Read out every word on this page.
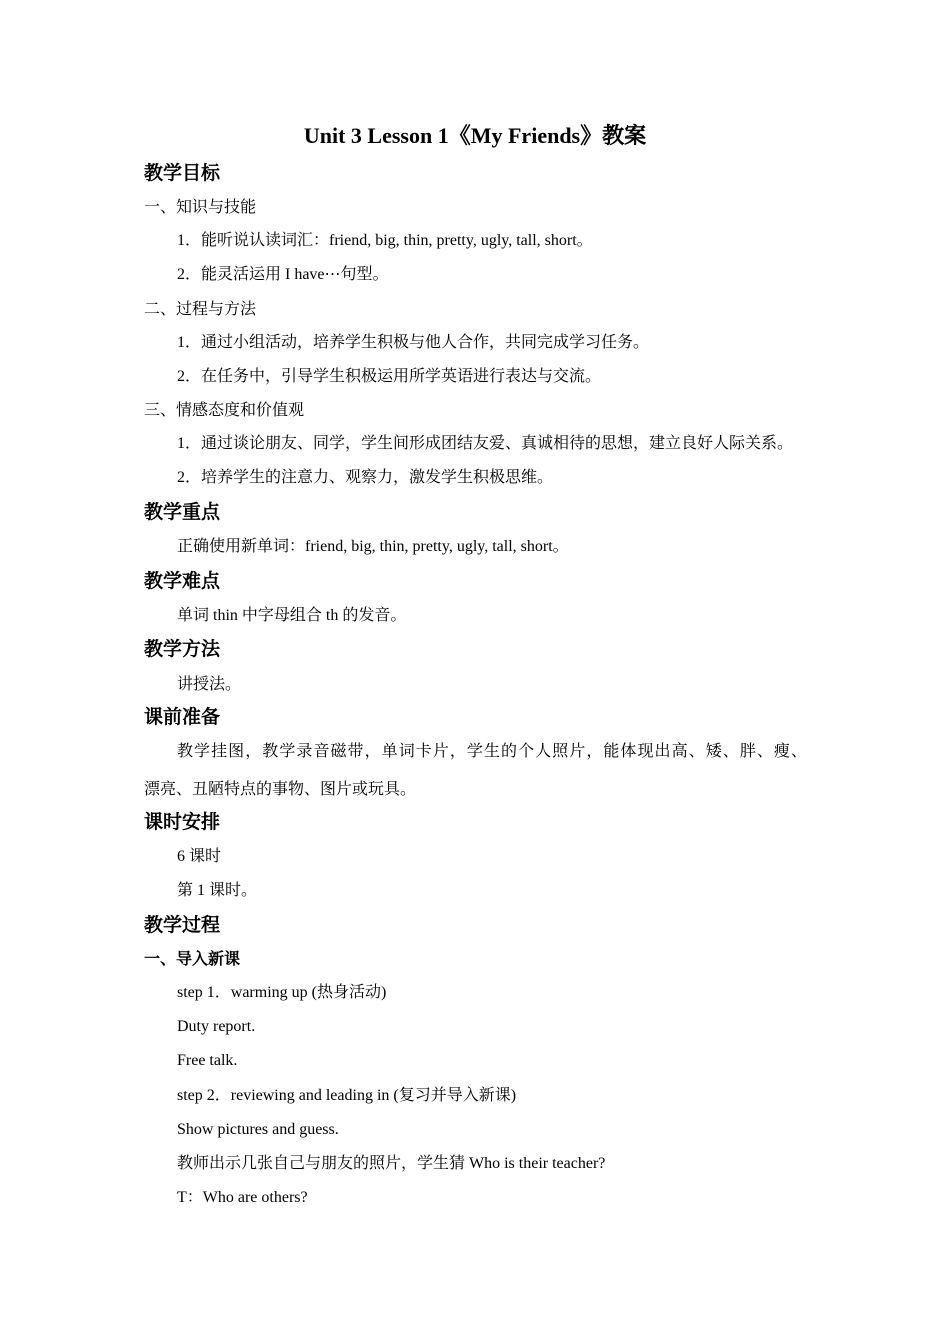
Unit 3 Lesson 1《My Friends》教案
教学目标
一、知识与技能
1．能听说认读词汇：friend, big, thin, pretty, ugly, tall, short。
2．能灵活运用 I have⋯句型。
二、过程与方法
1．通过小组活动，培养学生积极与他人合作，共同完成学习任务。
2．在任务中，引导学生积极运用所学英语进行表达与交流。
三、情感态度和价值观
1．通过谈论朋友、同学，学生间形成团结友爱、真诚相待的思想，建立良好人际关系。
2．培养学生的注意力、观察力，激发学生积极思维。
教学重点
正确使用新单词：friend, big, thin, pretty, ugly, tall, short。
教学难点
单词 thin 中字母组合 th 的发音。
教学方法
讲授法。
课前准备
教学挂图，教学录音磁带，单词卡片，学生的个人照片，能体现出高、矮、胖、瘦、
漂亮、丑陋特点的事物、图片或玩具。
课时安排
6 课时
第 1 课时。
教学过程
一、导入新课
step 1．warming up (热身活动)
Duty report.
Free talk.
step 2．reviewing and leading in (复习并导入新课)
Show pictures and guess.
教师出示几张自己与朋友的照片，学生猜 Who is their teacher?
T：Who are others?
